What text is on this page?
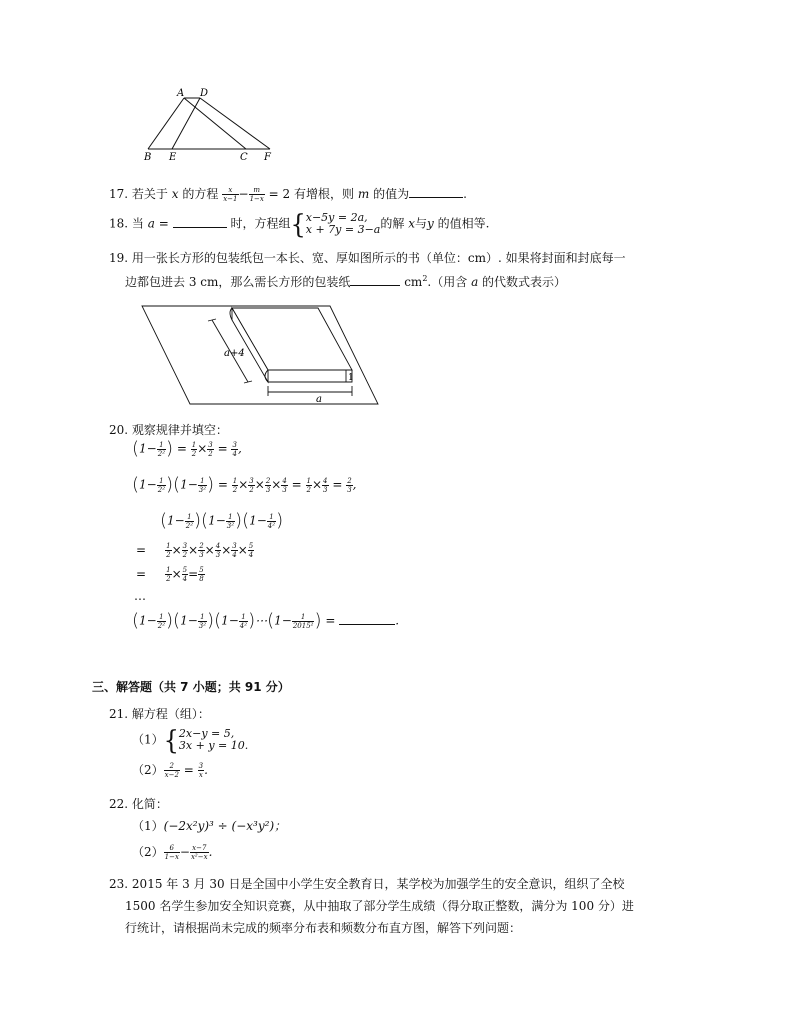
A D
B E	C F
17. 若关于 x 的方程 $\frac{x}{x-1} - \frac{m}{1-x} = 2$ 有增根，则 m 的值为	.
18. 当 a =	时，方程组{ x−5y = 2a,
x + 7y = 3−a 的解 x与y 的值相等.
19. 用一张长方形的包装纸包一本长、宽、厚如图所示的书（单位：cm）. 如果将封面和封底每一
边都包进去 3 cm，那么需长方形的包装纸	$cm^2$.（用含 a 的代数式表示）
a+4
a
1
20. 观察规律并填空：
($1- \frac{1}{\text{2²}}$ ) = $\frac{1}{2} \times \frac{3}{2} = \frac{3}{4}$ ,
$(1- \frac{1}{\text{2²}} )(1- \frac{1}{\text{3²}}$ ) = $\frac{1}{2} \times \frac{3}{2} \times \frac{2}{3} \times \frac{4}{3} = \frac{1}{2} \times \frac{4}{3} = \frac{2}{3}$ ,
$(1- \frac{1}{\text{2²}} )(1- \frac{1}{\text{3²}} )(1- \frac{1}{\text{4²}}$ )
=	$\frac{1}{2} \times \frac{3}{2} \times \frac{2}{3} \times \frac{4}{3} \times \frac{3}{4} \times \frac{5}{4}$
=	$\frac{1}{2} \times \frac{5}{4} = \frac{5}{8}$
…
$(1- \frac{1}{\text{2²}} )(1- \frac{1}{\text{3²}} )(1- \frac{1}{\text{4²}}$ )⋯(1− $\frac{1}{\text{2015²}}$ ) =	.
三、解答题（共 7 小题；共 91 分）
21. 解方程（组）：
（1）{ 2x−y = 5,
3x + y = 10.
$(2) \frac{2}{x-2} = \frac{3}{x}$ .
22. 化简：
（1）(−2x²y)³ ÷ (−x³y²)；
$(2) \frac{6}{1-x} - \frac{x-7}{\text{x²−x}}$ .
23. 2015 年 3 月 30 日是全国中小学生安全教育日，某学校为加强学生的安全意识，组织了全校
1500 名学生参加安全知识竞赛，从中抽取了部分学生成绩（得分取正整数，满分为 100 分）进
行统计，请根据尚未完成的频率分布表和频数分布直方图，解答下列问题：
